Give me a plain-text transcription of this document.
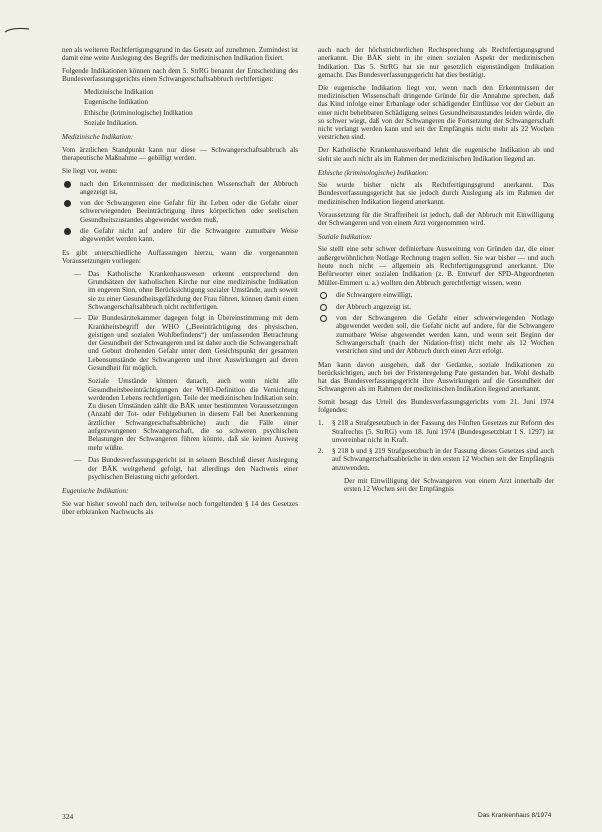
nen als weiteren Rechtfertigungsgrund in das Gesetz auf zunehmen. Zumindest ist damit eine weite Auslegung des Begriffs der medizinischen Indikation fixiert.

Folgende Indikationen können nach dem 5. StrRG benannt der Entscheidung des Bundesverfassungsgerichts einen Schwangerschaftsabbruch rechtfertigen:

Medizinische Indikation
Eugenische Indikation
Ethische (kriminologische) Indikation
Soziale Indikation.
Medizinische Indikation:

Vom ärztlichen Standpunkt kann nur diese — Schwangerschaftsabbruch als therapeutische Maßnahme — gebilligt werden.

Sie liegt vor, wenn:

nach den Erkenntnissen der medizinischen Wissenschaft der Abbruch angezeigt ist,
von der Schwangeren eine Gefahr für ihr Leben oder die Gefahr einer schwerwiegenden Beeinträchtigung ihres körperlichen oder seelischen Gesundheitszustandes abgewendet werden muß,
die Gefahr nicht auf andere für die Schwangere zumutbare Weise abgewendet werden kann.

Es gibt unterschiedliche Auffassungen hierzu, wann die vorgenannten Voraussetzungen vorliegen:

— Das Katholische Krankenhauswesen erkennt entsprechend den Grundsätzen der katholischen Kirche nur eine medizinische Indikation im engeren Sinn, ohne Berücksichtigung sozialer Umstände, auch soweit sie zu einer Gesundheitsgefährdung der Frau führen, können damit einen Schwangerschaftsabbruch nicht rechtfertigen.
— Die Bundesärztekammer dagegen folgt in Übereinstimmung mit dem Krankheitsbegriff der WHO („Beeinträchtigung des physischen, geistigen und sozialen Wohlbefindens“) der umfassenden Betrachtung der Gesundheit der Schwangeren und ist daher auch die Schwangerschaft und Geburt drohenden Gefahr unter dem Gesichtspunkt der gesamten Lebensumstände der Schwangeren und ihrer Auswirkungen auf deren Gesundheit für möglich.

Soziale Umstände können danach, auch wenn nicht alle Gesundheitsbeeinträchtigungen der WHO-Definition die Vernichtung werdenden Lebens rechtfertigen. Teile der medizinischen Indikation sein. Zu diesen Umständen zählt die BÄK unter bestimmten Voraussetzungen (Anzahl der Tot- oder Fehlgeburten in diesem Fall bei Anerkennung ärztlicher Schwangerschaftsabbrüche) auch die Fälle einer aufgezwungenen Schwangerschaft, die so schweren psychischen Belastungen der Schwangeren führen könnte, daß sie keinen Ausweg mehr wüßte.

— Das Bundesverfassungsgericht ist in seinem Beschluß dieser Auslegung der BÄK weitgehend gefolgt, hat allerdings den Nachweis einer psychischen Belastung nicht gefordert.
Eugenische Indikation:

Sie war bisher sowohl nach den, teilweise noch fortgeltenden § 14 des Gesetzes über erbkranken Nachwuchs als

auch nach der höchstrichterlichen Rechtsprechung als Rechtfertigungsgrund anerkannt. Die BÄK sieht in ihr einen sozialen Aspekt der medizinischen Indikation. Das 5. StrRG hat sie nur gesetzlich eigenständigen Indikation gemacht. Das Bundesverfassungsgericht hat dies bestätigt.

Die eugenische Indikation liegt vor, wenn nach den Erkenntnissen der medizinischen Wissenschaft dringende Gründe für die Annahme sprechen, daß das Kind infolge einer Erbanlage oder schädigender Einflüsse vor der Geburt an einer nicht behebbaren Schädigung seines Gesundheitszustandes leiden würde, die so schwer wiegt, daß von der Schwangeren die Fortsetzung der Schwangerschaft nicht verlangt werden kann und seit der Empfängnis nicht mehr als 22 Wochen verstrichen sind.

Der Katholische Krankenhausverband lehnt die eugenische Indikation ab und sieht sie auch nicht als im Rahmen der medizinischen Indikation liegend an.

Ethische (kriminologische) Indikation:

Sie wurde bisher nicht als Rechtfertigungsgrund anerkannt. Das Bundesverfassungsgericht hat sie jedoch durch Auslegung als im Rahmen der medizinischen Indikation liegend anerkannt.

Voraussetzung für die Straffreiheit ist jedoch, daß der Abbruch mit Einwilligung der Schwangeren und von einem Arzt vorgenommen wird.

Soziale Indikation:

Sie stellt eine sehr schwer definierbare Ausweitung von Gründen dar, die einer außergewöhnlichen Notlage Rechnung tragen sollen. Sie war bisher — und auch heute noch nicht — allgemein als Rechtfertigungsgrund anerkannt. Die Befürworter einer sozialen Indikation (z. B. Entwurf der SPD-Abgeordneten Müller-Emmert u. a.) wollten den Abbruch gerechtfertigt wissen, wenn

die Schwangere einwilligt,
der Abbruch angezeigt ist,
von der Schwangeren die Gefahr einer schwerwiegenden Notlage abgewendet werden soll, die Gefahr nicht auf andere, für die Schwangere zumutbare Weise abgewendet werden kann, und wenn seit Beginn der Schwangerschaft (nach der Nidation-frist) nicht mehr als 12 Wochen verstrichen sind und der Abbruch durch einen Arzt erfolgt.

Man kann davon ausgehen, daß der Gedanke, soziale Indikationen zu berücksichtigen, auch bei der Fristenregelung Pate gestanden hat. Wohl deshalb hat das Bundesverfassungsgericht ihre Auswirkungen auf die Gesundheit der Schwangeren als im Rahmen der medizinischen Indikation liegend anerkannt.

Somit besagt das Urteil des Bundesverfassungsgerichts vom 21. Juni 1974 folgendes:

1. § 218 a Strafgesetzbuch in der Fassung des Fünften Gesetzes zur Reform des Strafrechts (5. StrRG) vom 18. Juni 1974 (Bundesgesetzblatt I S. 1297) ist unvereinbar nicht in Kraft.
2. § 218 b und § 219 Strafgesetzbuch in der Fassung dieses Gesetzes sind auch auf Schwangerschaftsabbrüche in den ersten 12 Wochen seit der Empfängnis anzuwenden.

Der mit Einwilligung der Schwangeren von einem Arzt innerhalb der ersten 12 Wochen seit der Empfängnis

324	Das Krankenhaus 8/1974
